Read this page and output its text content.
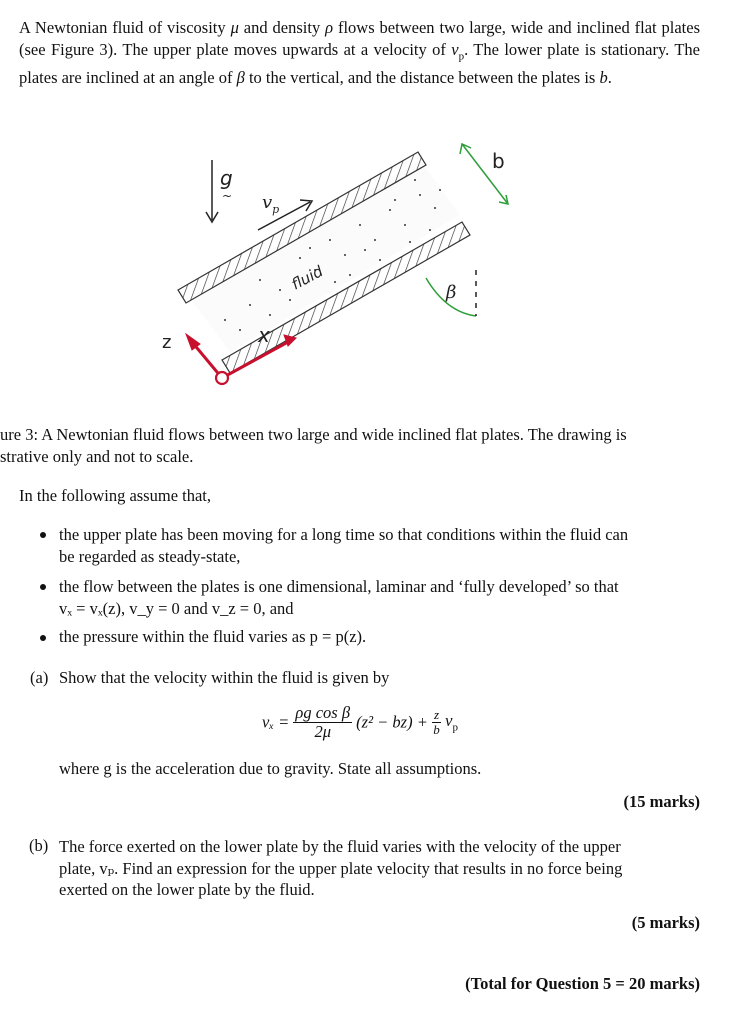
A Newtonian fluid of viscosity μ and density ρ flows between two large, wide and inclined flat plates (see Figure 3). The upper plate moves upwards at a velocity of $v_p$. The lower plate is stationary. The plates are inclined at an angle of β to the vertical, and the distance between the plates is b.
g
~ $v_p$
fluid
z	x
b
β
ure 3: A Newtonian fluid flows between two large and wide inclined flat plates. The drawing is
strative only and not to scale.
In the following assume that,
the upper plate has been moving for a long time so that conditions within the fluid can
be regarded as steady-state,
the flow between the plates is one dimensional, laminar and ‘fully developed’ so that
vₓ = vₓ(z), v_y = 0 and v_z = 0, and
the pressure within the fluid varies as p = p(z).
(a) Show that the velocity within the fluid is given by
$v_x = \frac{\text{ρg cos β}}{2\mu} (z^2 - bz) + \frac{z}{b} v_p$
where g is the acceleration due to gravity. State all assumptions.
(15 marks)
(b) The force exerted on the lower plate by the fluid varies with the velocity of the upper
plate, vₚ. Find an expression for the upper plate velocity that results in no force being
exerted on the lower plate by the fluid.
(5 marks)
(Total for Question 5 = 20 marks)
